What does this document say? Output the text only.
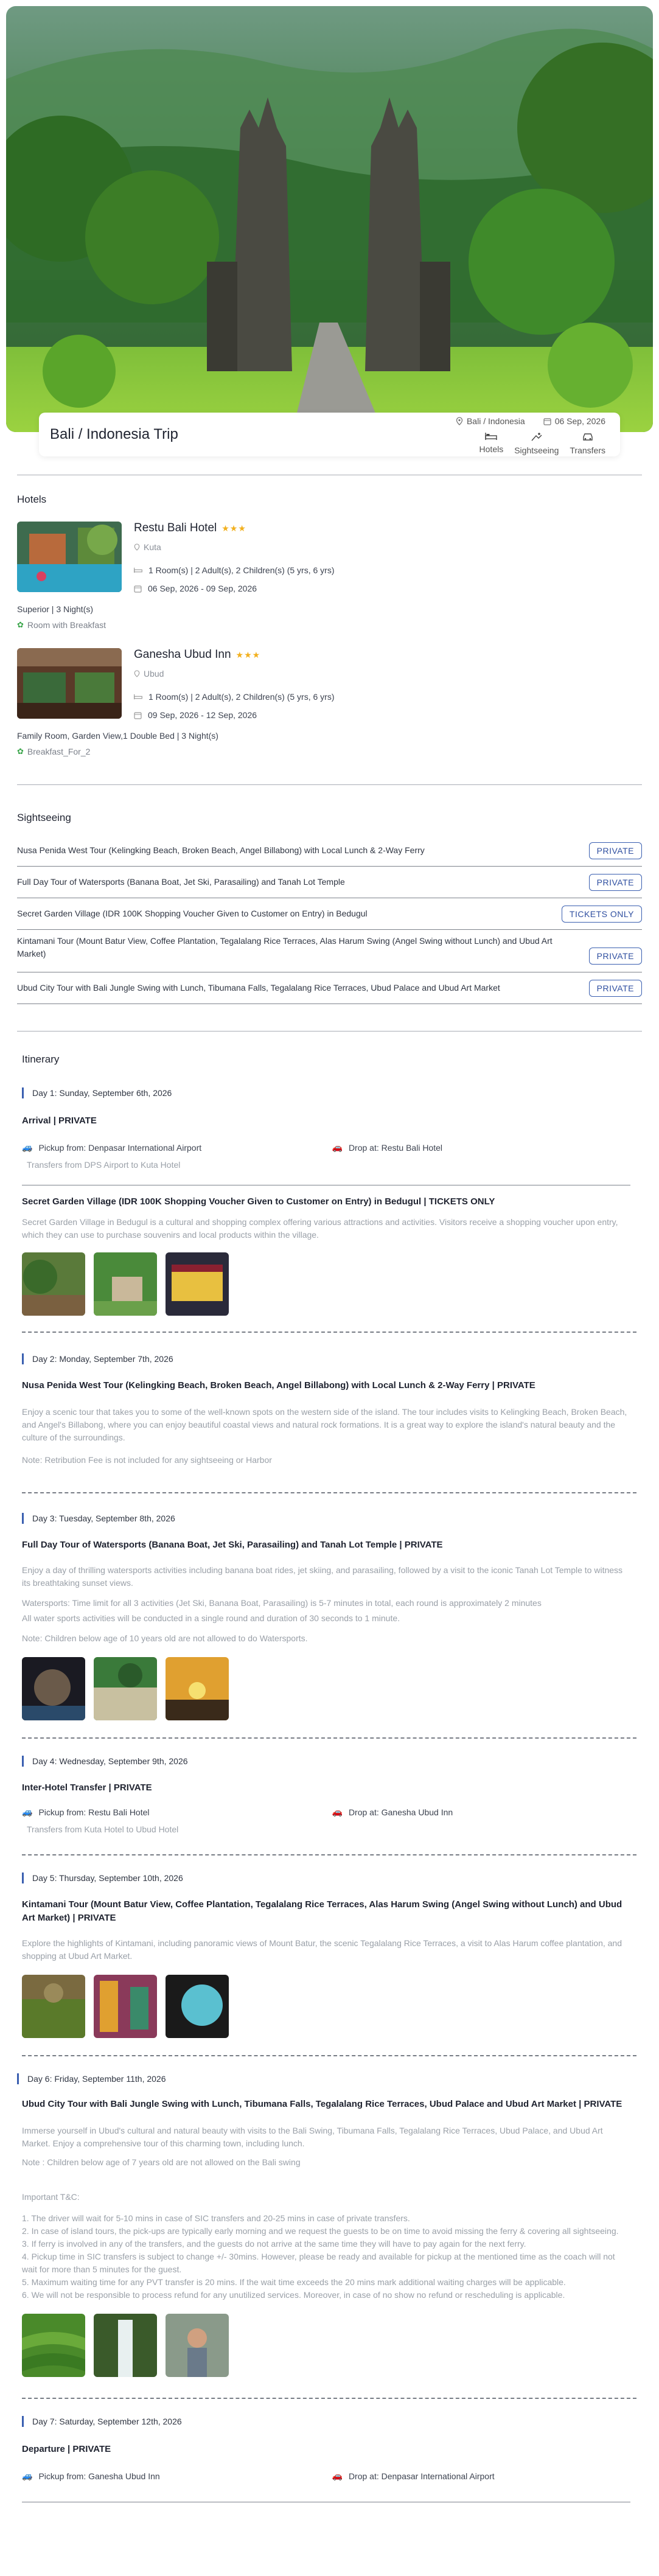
Bali / Indonesia Trip
Bali / Indonesia	06 Sep, 2026
Hotels Sightseeing Transfers
Hotels
Restu Bali Hotel ★★★
Kuta
1 Room(s) | 2 Adult(s), 2 Children(s) (5 yrs, 6 yrs)
06 Sep, 2026 - 09 Sep, 2026
Superior | 3 Night(s)
✿ Room with Breakfast
Ganesha Ubud Inn ★★★
Ubud
1 Room(s) | 2 Adult(s), 2 Children(s) (5 yrs, 6 yrs)
09 Sep, 2026 - 12 Sep, 2026
Family Room, Garden View,1 Double Bed | 3 Night(s)
✿ Breakfast_For_2
Sightseeing
Nusa Penida West Tour (Kelingking Beach, Broken Beach, Angel Billabong) with Local Lunch & 2-Way Ferry	PRIVATE
Full Day Tour of Watersports (Banana Boat, Jet Ski, Parasailing) and Tanah Lot Temple	PRIVATE
Secret Garden Village (IDR 100K Shopping Voucher Given to Customer on Entry) in Bedugul	TICKETS ONLY
Kintamani Tour (Mount Batur View, Coffee Plantation, Tegalalang Rice Terraces, Alas Harum Swing (Angel Swing without Lunch) and Ubud Art Market)	PRIVATE
Ubud City Tour with Bali Jungle Swing with Lunch, Tibumana Falls, Tegalalang Rice Terraces, Ubud Palace and Ubud Art Market	PRIVATE
Itinerary
Day 1: Sunday, September 6th, 2026
Arrival | PRIVATE
🚙 Pickup from: Denpasar International Airport	🚗 Drop at: Restu Bali Hotel
Transfers from DPS Airport to Kuta Hotel
Secret Garden Village (IDR 100K Shopping Voucher Given to Customer on Entry) in Bedugul | TICKETS ONLY
Secret Garden Village in Bedugul is a cultural and shopping complex offering various attractions and activities. Visitors receive a shopping voucher upon entry, which they can use to purchase souvenirs and local products within the village.
Day 2: Monday, September 7th, 2026
Nusa Penida West Tour (Kelingking Beach, Broken Beach, Angel Billabong) with Local Lunch & 2-Way Ferry | PRIVATE
Enjoy a scenic tour that takes you to some of the well-known spots on the western side of the island. The tour includes visits to Kelingking Beach, Broken Beach, and Angel's Billabong, where you can enjoy beautiful coastal views and natural rock formations. It is a great way to explore the island's natural beauty and the culture of the surroundings.
Note: Retribution Fee is not included for any sightseeing or Harbor
Day 3: Tuesday, September 8th, 2026
Full Day Tour of Watersports (Banana Boat, Jet Ski, Parasailing) and Tanah Lot Temple | PRIVATE
Enjoy a day of thrilling watersports activities including banana boat rides, jet skiing, and parasailing, followed by a visit to the iconic Tanah Lot Temple to witness its breathtaking sunset views.
Watersports: Time limit for all 3 activities (Jet Ski, Banana Boat, Parasailing) is 5-7 minutes in total, each round is approximately 2 minutes
All water sports activities will be conducted in a single round and duration of 30 seconds to 1 minute.
Note: Children below age of 10 years old are not allowed to do Watersports.
Day 4: Wednesday, September 9th, 2026
Inter-Hotel Transfer | PRIVATE
🚙 Pickup from: Restu Bali Hotel	🚗 Drop at: Ganesha Ubud Inn
Transfers from Kuta Hotel to Ubud Hotel
Day 5: Thursday, September 10th, 2026
Kintamani Tour (Mount Batur View, Coffee Plantation, Tegalalang Rice Terraces, Alas Harum Swing (Angel Swing without Lunch) and Ubud Art Market) | PRIVATE
Explore the highlights of Kintamani, including panoramic views of Mount Batur, the scenic Tegalalang Rice Terraces, a visit to Alas Harum coffee plantation, and shopping at Ubud Art Market.
Day 6: Friday, September 11th, 2026
Ubud City Tour with Bali Jungle Swing with Lunch, Tibumana Falls, Tegalalang Rice Terraces, Ubud Palace and Ubud Art Market | PRIVATE
Immerse yourself in Ubud's cultural and natural beauty with visits to the Bali Swing, Tibumana Falls, Tegalalang Rice Terraces, Ubud Palace, and Ubud Art Market. Enjoy a comprehensive tour of this charming town, including lunch.
Note : Children below age of 7 years old are not allowed on the Bali swing
Important T&C:
1. The driver will wait for 5-10 mins in case of SIC transfers and 20-25 mins in case of private transfers.
2. In case of island tours, the pick-ups are typically early morning and we request the guests to be on time to avoid missing the ferry & covering all sightseeing.
3. If ferry is involved in any of the transfers, and the guests do not arrive at the same time they will have to pay again for the next ferry.
4. Pickup time in SIC transfers is subject to change +/- 30mins. However, please be ready and available for pickup at the mentioned time as the coach will not wait for more than 5 minutes for the guest.
5. Maximum waiting time for any PVT transfer is 20 mins. If the wait time exceeds the 20 mins mark additional waiting charges will be applicable.
6. We will not be responsible to process refund for any unutilized services. Moreover, in case of no show no refund or rescheduling is applicable.
Day 7: Saturday, September 12th, 2026
Departure | PRIVATE
🚙 Pickup from: Ganesha Ubud Inn	🚗 Drop at: Denpasar International Airport
